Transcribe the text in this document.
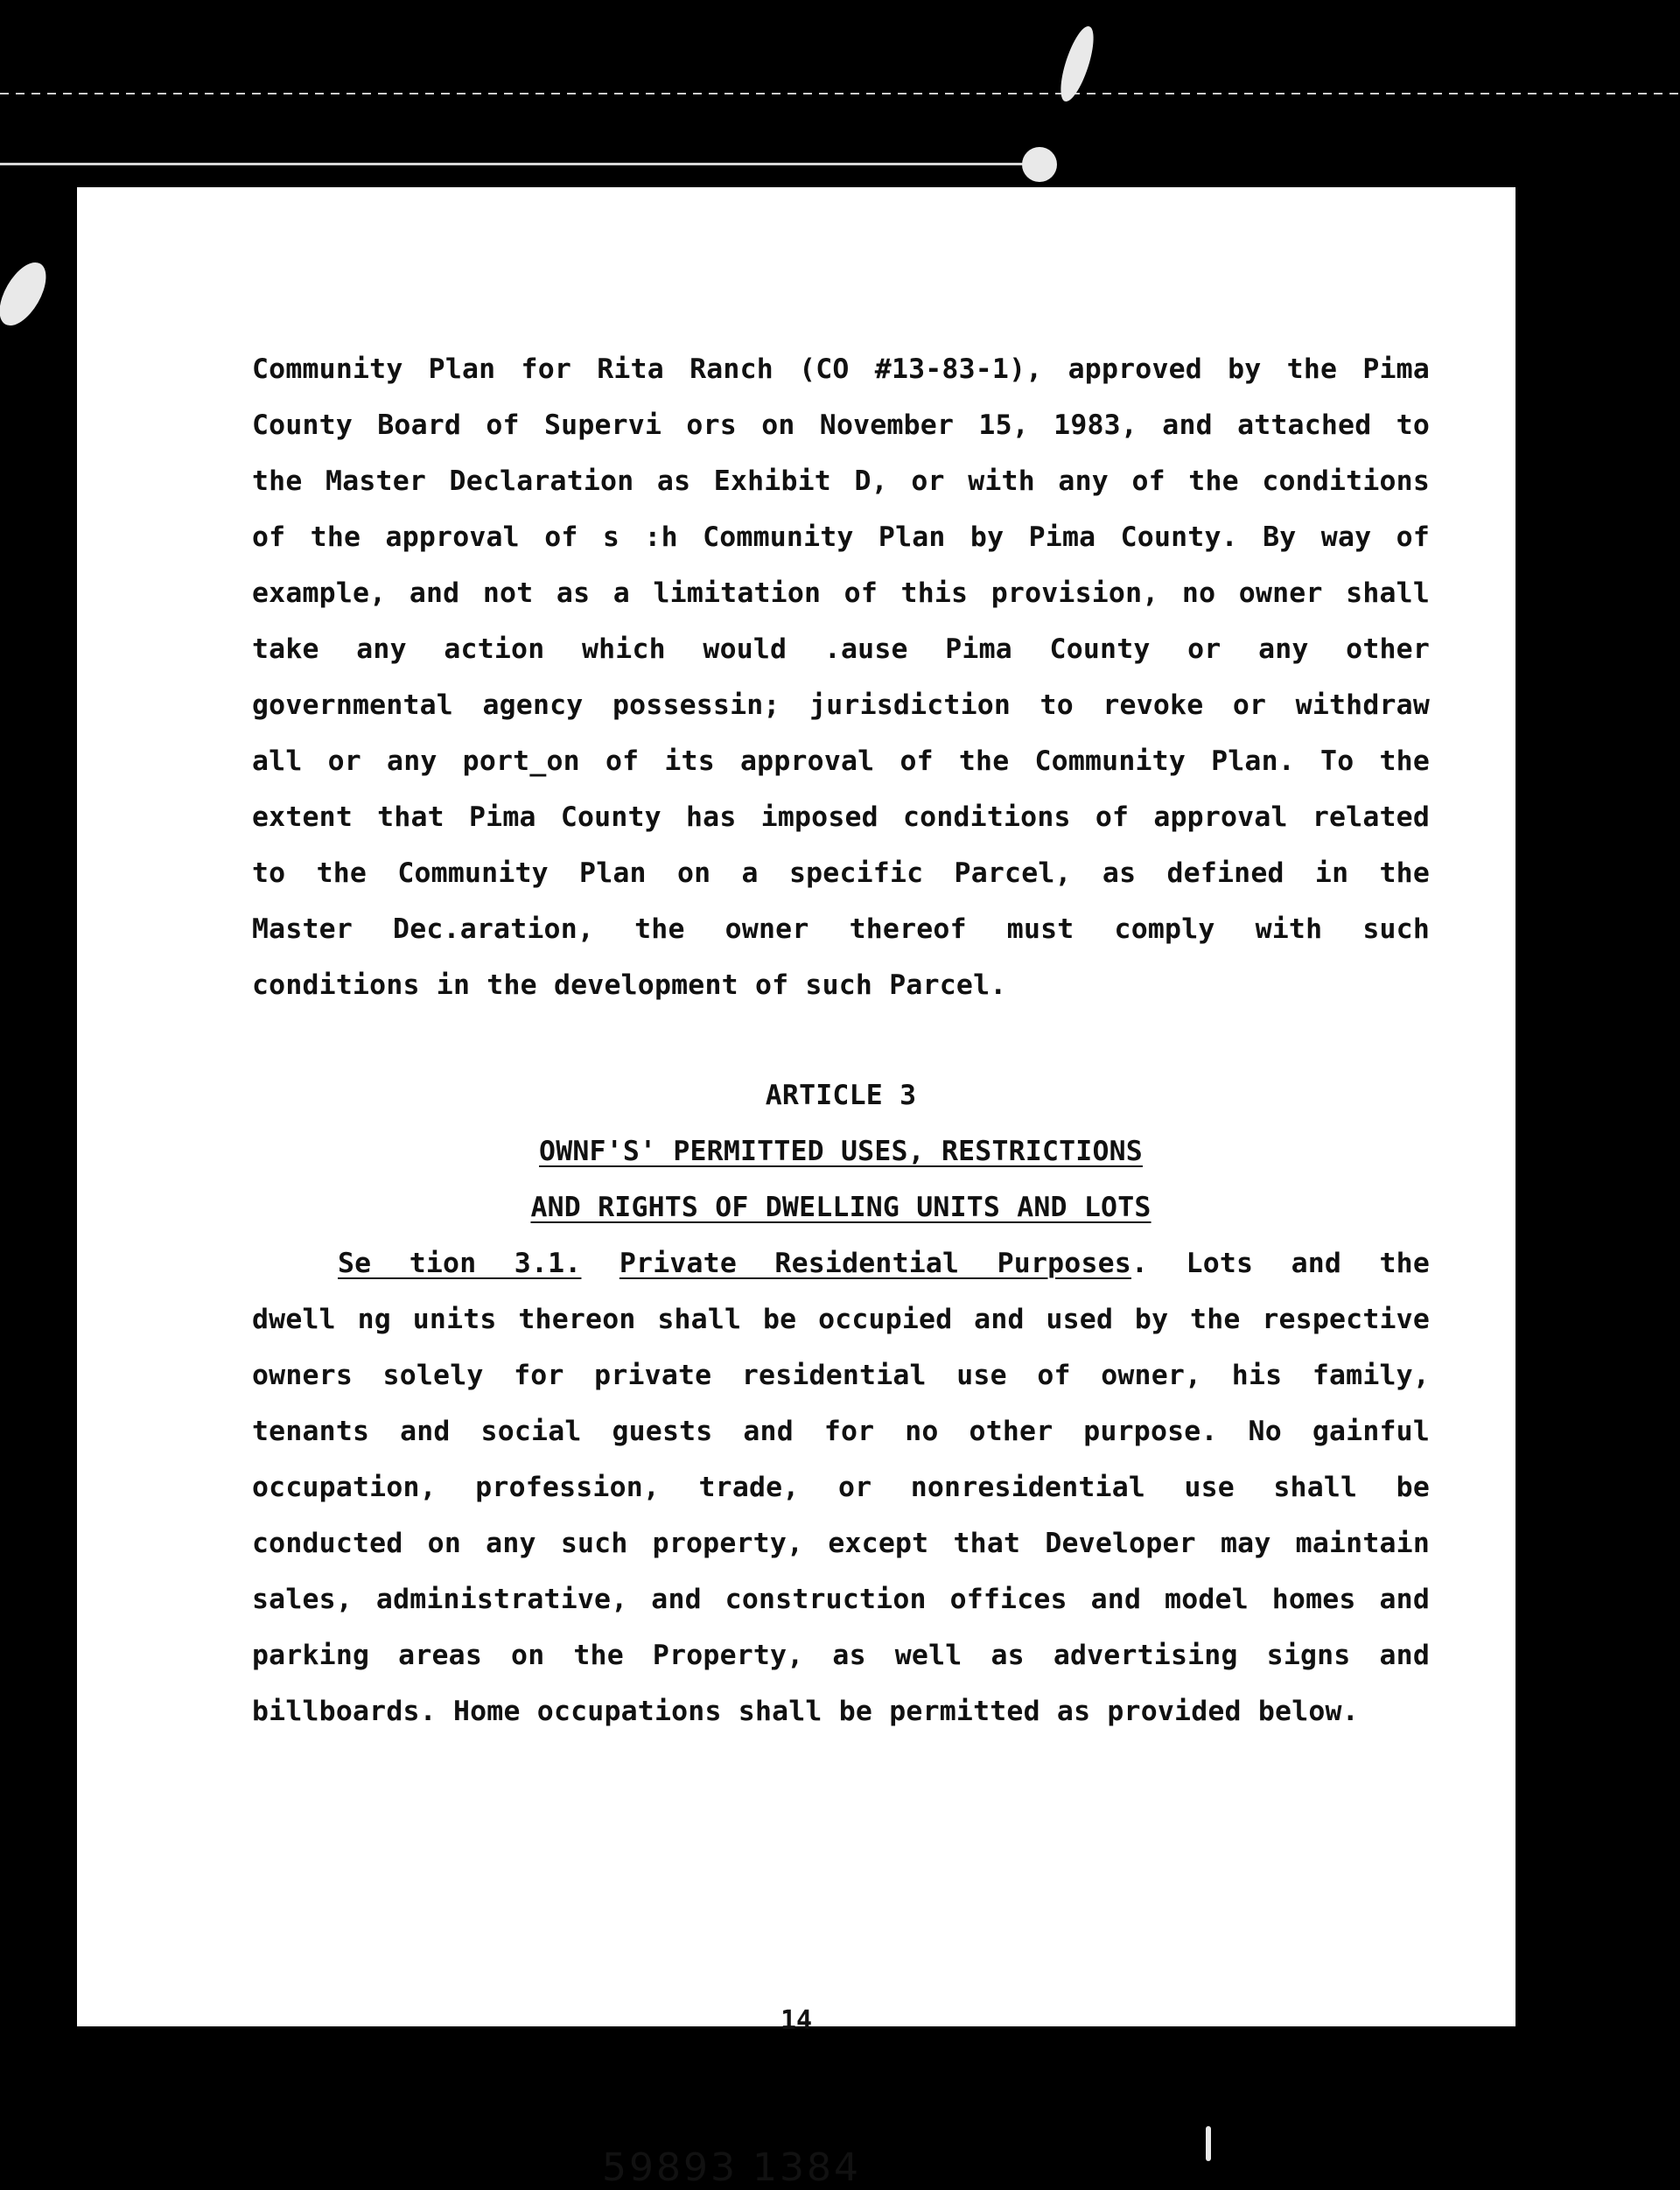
Community Plan for Rita Ranch (CO #13-83-1), approved by the Pima
County Board of Supervi ors on November 15, 1983, and attached to
the Master Declaration as Exhibit D, or with any of the conditions
of the approval of s :h Community Plan by Pima County. By way of
example, and not as a limitation of this provision, no owner shall
take any action which would .ause Pima County or any other
governmental agency possessin; jurisdiction to revoke or withdraw
all or any port_on of its approval of the Community Plan. To the
extent that Pima County has imposed conditions of approval related
to the Community Plan on a specific Parcel, as defined in the
Master Dec.aration, the owner thereof must comply with such
conditions in the development of such Parcel.

ARTICLE 3
OWNF'S' PERMITTED USES, RESTRICTIONS
AND RIGHTS OF DWELLING UNITS AND LOTS

Se tion 3.1. Private Residential Purposes. Lots and the
dwell ng units thereon shall be occupied and used by the respective
owners solely for private residential use of owner, his family,
tenants and social guests and for no other purpose. No gainful
occupation, profession, trade, or nonresidential use shall be
conducted on any such property, except that Developer may maintain
sales, administrative, and construction offices and model homes and
parking areas on the Property, as well as advertising signs and
billboards. Home occupations shall be permitted as provided below.

14
59893 1384
